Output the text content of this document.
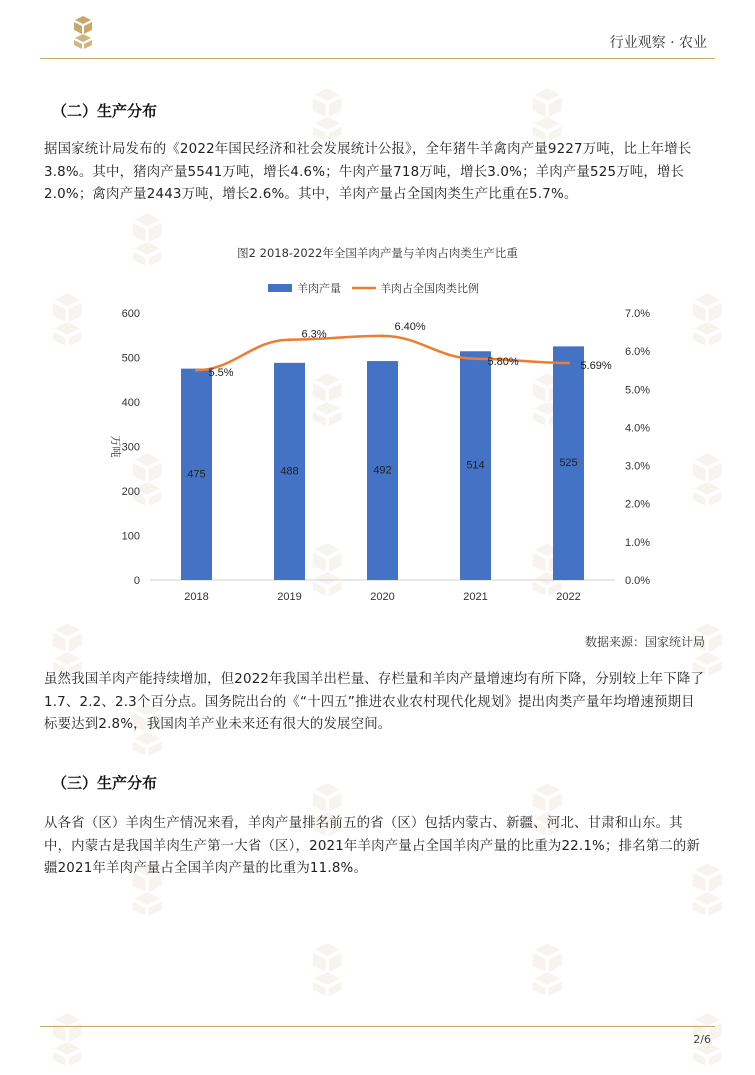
行业观察 · 农业
（二）生产分布
据国家统计局发布的《2022年国民经济和社会发展统计公报》，全年猪牛羊禽肉产量9227万吨，比上年增长3.8%。其中，猪肉产量5541万吨，增长4.6%；牛肉产量718万吨，增长3.0%；羊肉产量525万吨，增长2.0%；禽肉产量2443万吨，增长2.6%。其中，羊肉产量占全国肉类生产比重在5.7%。
图2 2018-2022年全国羊肉产量与羊肉占肉类生产比重
羊肉产量	羊肉占全国肉类比例
0
100
200
300
400
500
600
0.0%
1.0%
2.0%
3.0%
4.0%
5.0%
6.0%
7.0%
万吨
475
2018
488
2019
492
2020
514
2021
525
2022
5.5%
6.3%
6.40%
5.80%	5.69%
数据来源：国家统计局
虽然我国羊肉产能持续增加，但2022年我国羊出栏量、存栏量和羊肉产量增速均有所下降，分别较上年下降了1.7、2.2、2.3个百分点。国务院出台的《“十四五”推进农业农村现代化规划》提出肉类产量年均增速预期目标要达到2.8%，我国肉羊产业未来还有很大的发展空间。
（三）生产分布
从各省（区）羊肉生产情况来看，羊肉产量排名前五的省（区）包括内蒙古、新疆、河北、甘肃和山东。其中，内蒙古是我国羊肉生产第一大省（区），2021年羊肉产量占全国羊肉产量的比重为22.1%；排名第二的新疆2021年羊肉产量占全国羊肉产量的比重为11.8%。
2/6
